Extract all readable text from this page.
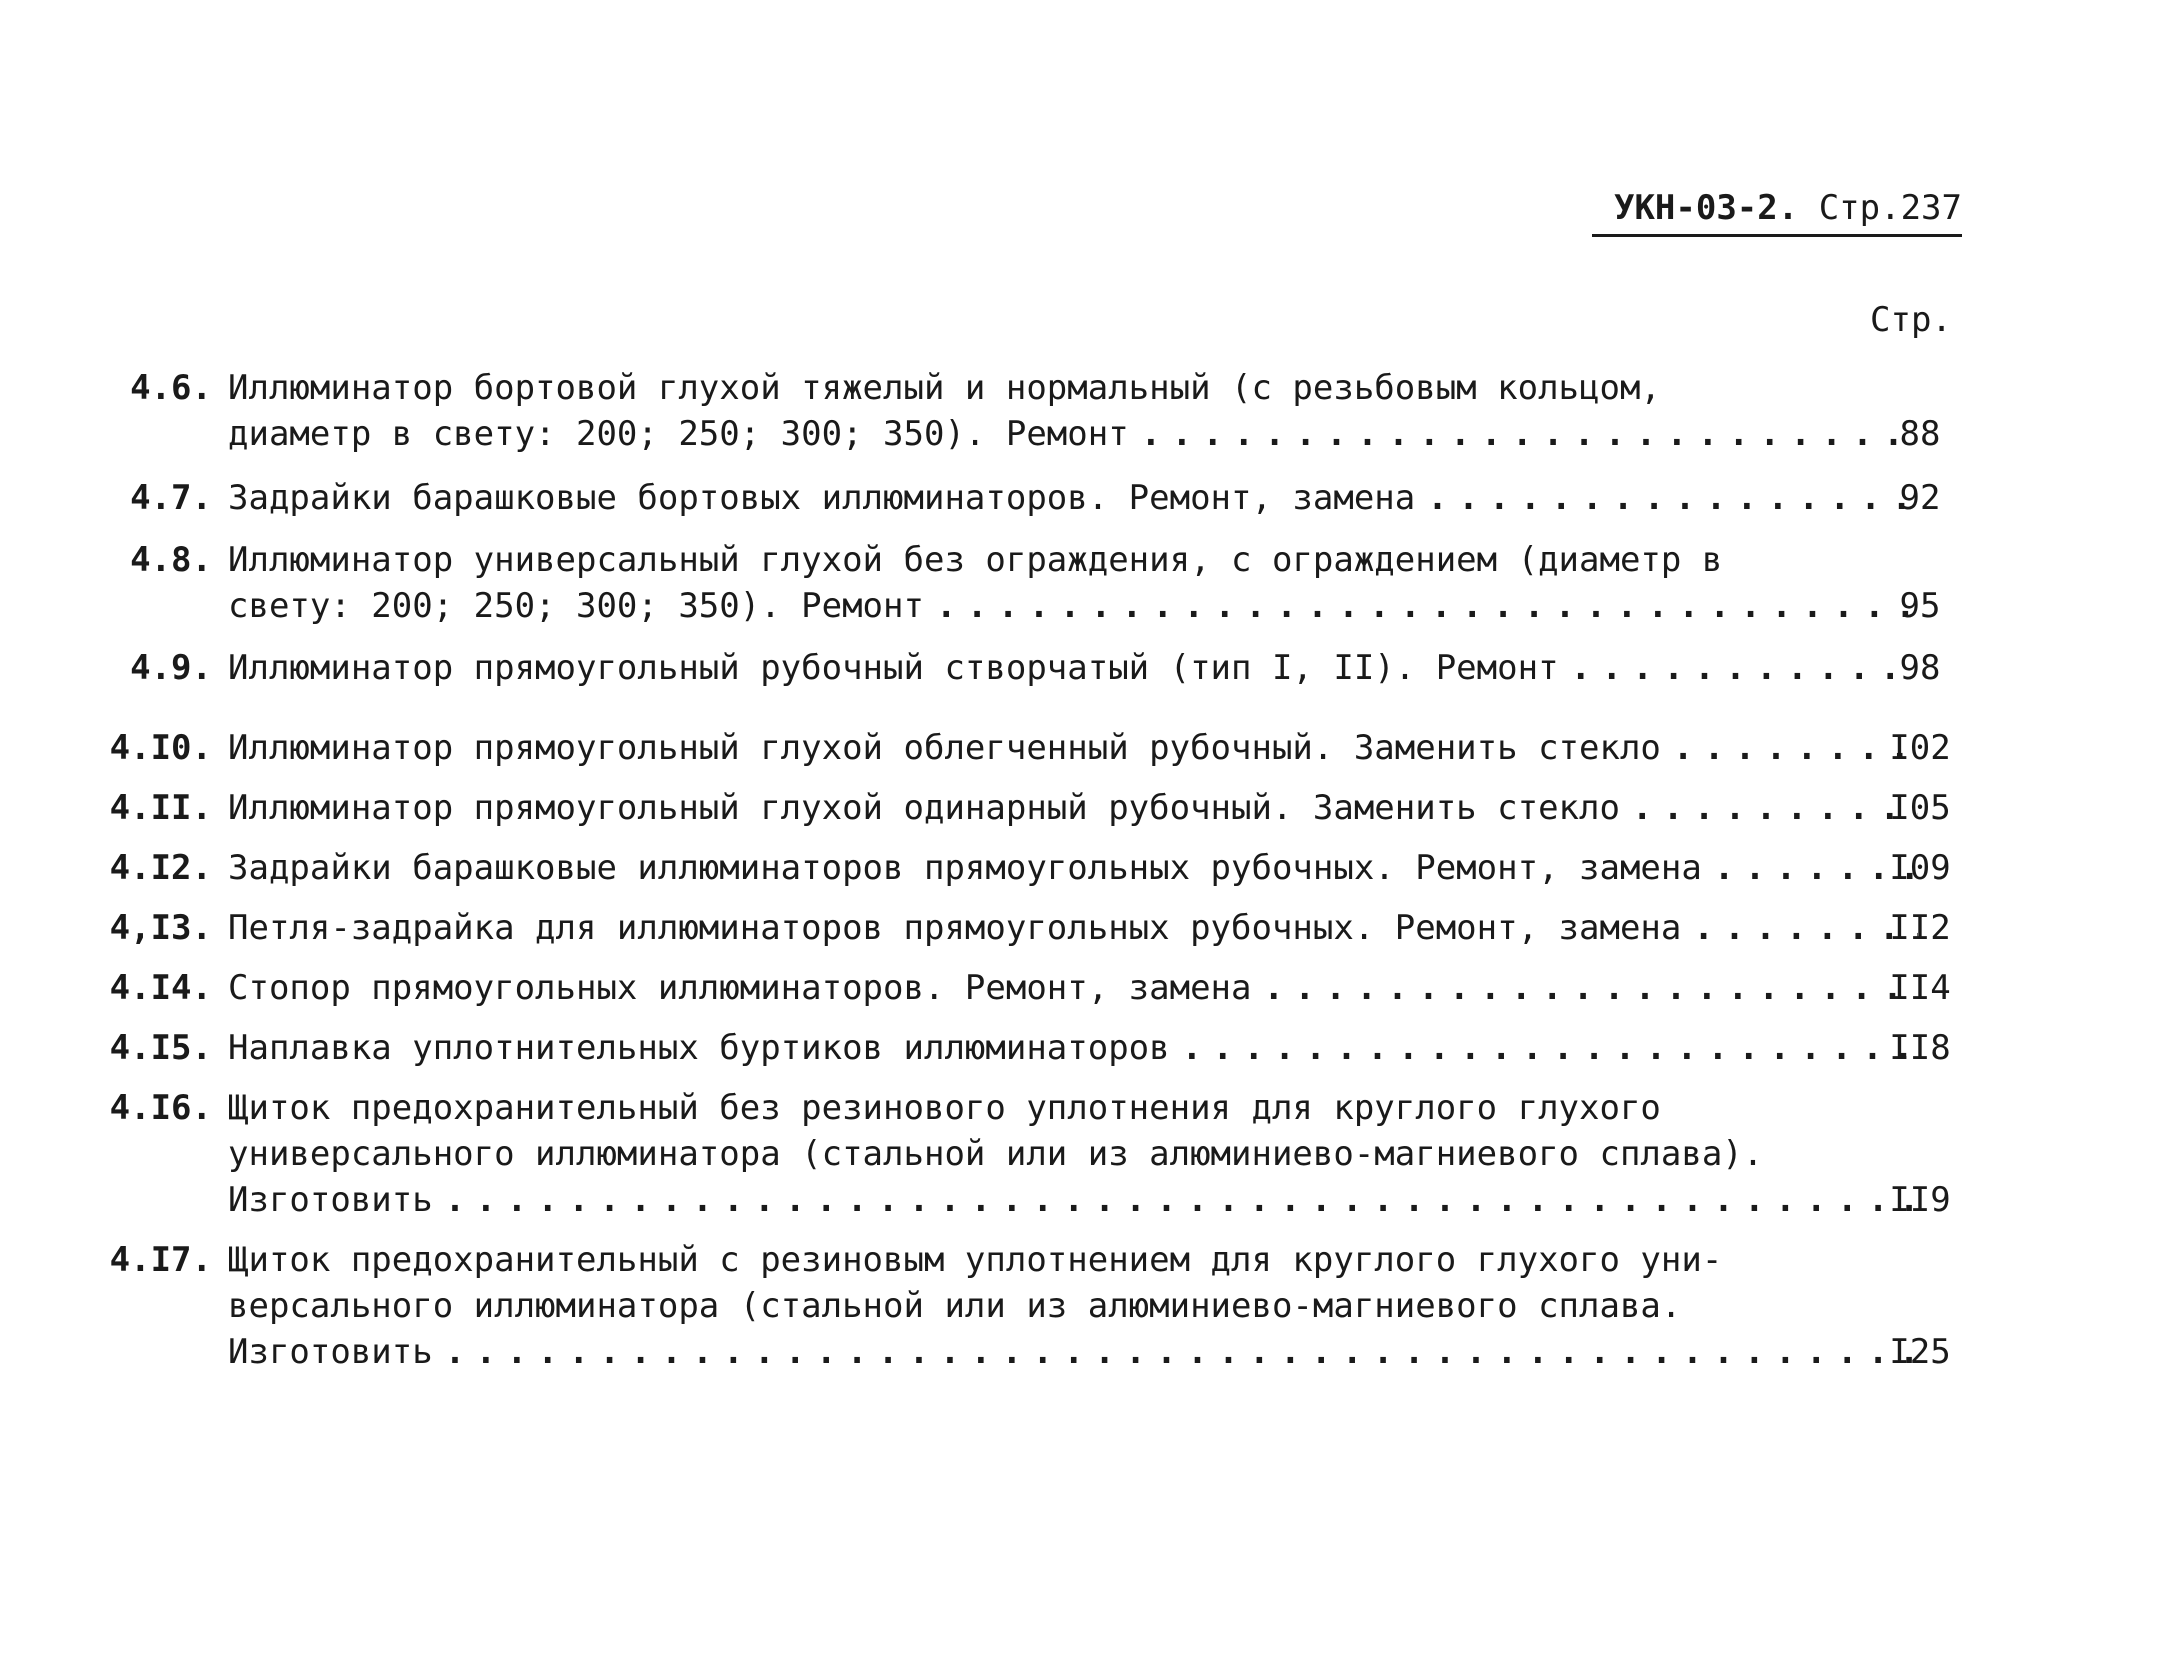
УКН-03-2. Стр.237
Стр.
4.6. Иллюминатор бортовой глухой тяжелый и нормальный (с резьбовым кольцом,
диаметр в свету: 200; 250; 300; 350). Ремонт . . .	88
4.7. Задрайки барашковые бортовых иллюминаторов. Ремонт, замена . . .	92
4.8. Иллюминатор универсальный глухой без ограждения, с ограждением (диаметр в
свету: 200; 250; 300; 350). Ремонт . . .	95
4.9. Иллюминатор прямоугольный рубочный створчатый (тип I, II). Ремонт . . .	98
4.I0. Иллюминатор прямоугольный глухой облегченный рубочный. Заменить стекло . . .	I02
4.II. Иллюминатор прямоугольный глухой одинарный рубочный. Заменить стекло . . .	I05
4.I2. Задрайки барашковые иллюминаторов прямоугольных рубочных. Ремонт, замена . . .	I09
4,I3. Петля-задрайка для иллюминаторов прямоугольных рубочных. Ремонт, замена . . .	II2
4.I4. Стопор прямоугольных иллюминаторов. Ремонт, замена . . .	II4
4.I5. Наплавка уплотнительных буртиков иллюминаторов . . .	II8
4.I6. Щиток предохранительный без резинового уплотнения для круглого глухого
универсального иллюминатора (стальной или из алюминиево-магниевого сплава).
Изготовить . . .	II9
4.I7. Щиток предохранительный с резиновым уплотнением для круглого глухого уни-
версального иллюминатора (стальной или из алюминиево-магниевого сплава.
Изготовить . . .	I25
